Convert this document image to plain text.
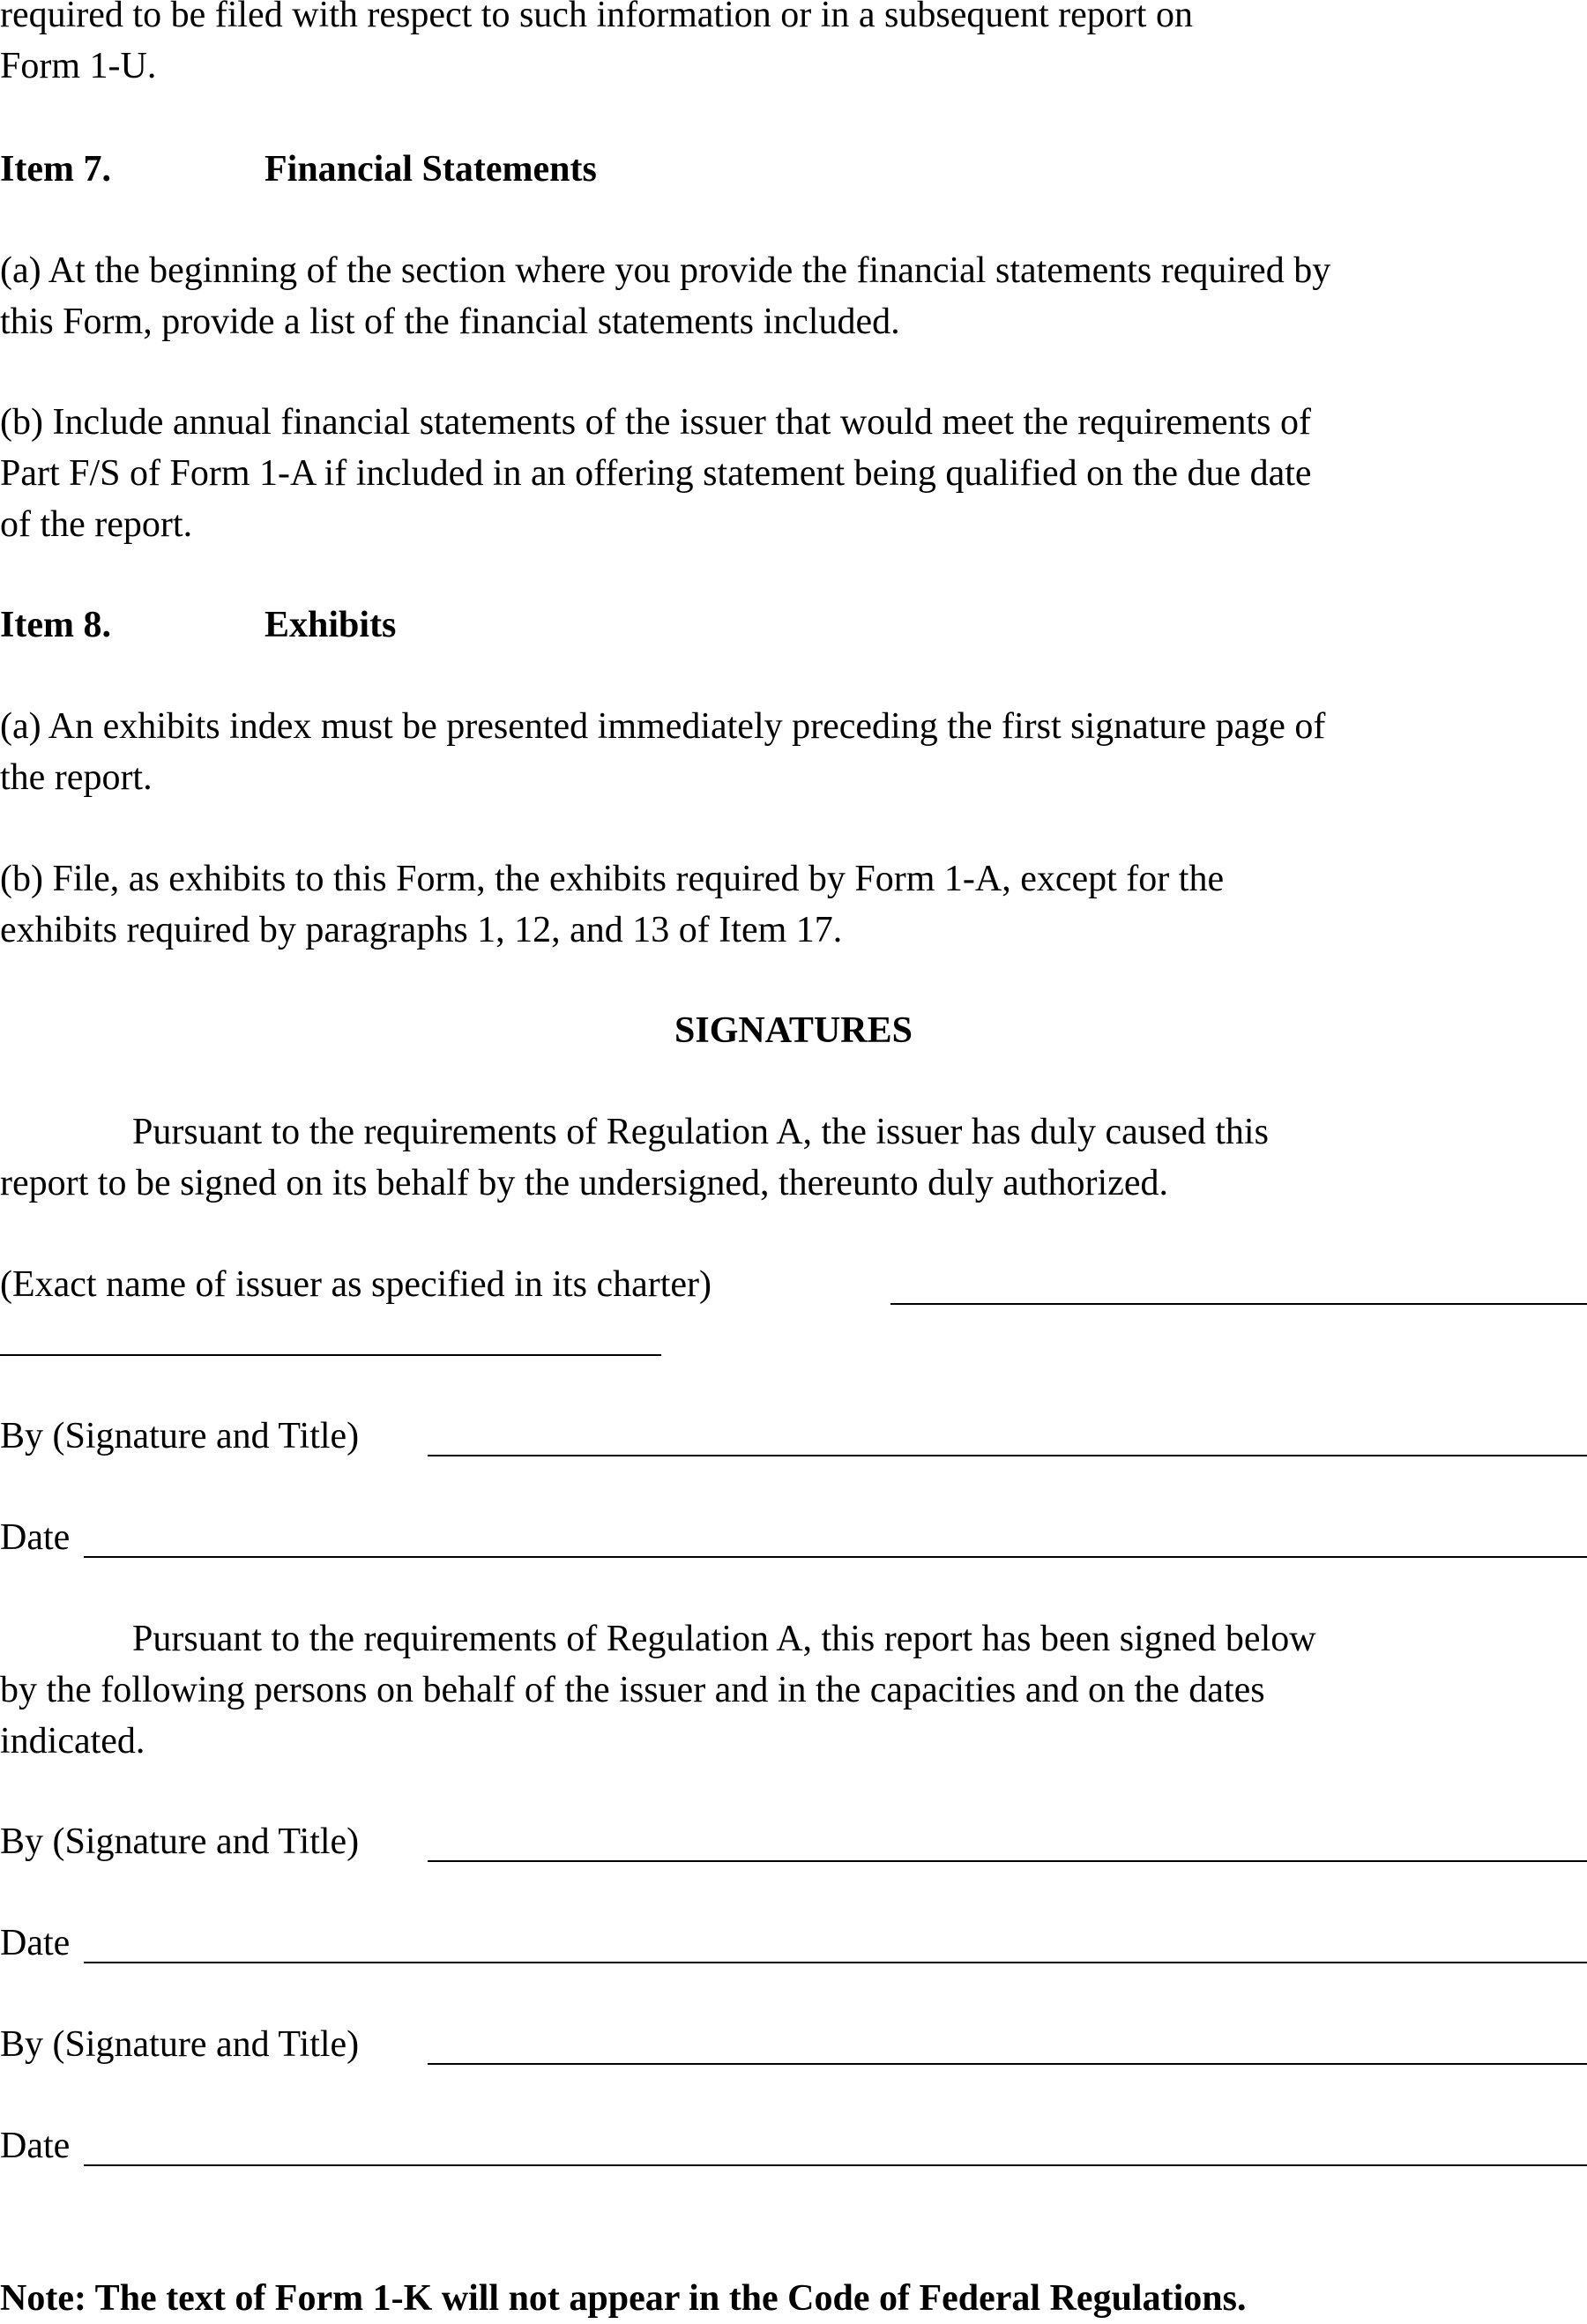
required to be filed with respect to such information or in a subsequent report on
Form 1-U.
Item 7.	Financial Statements
(a) At the beginning of the section where you provide the financial statements required by
this Form, provide a list of the financial statements included.
(b) Include annual financial statements of the issuer that would meet the requirements of
Part F/S of Form 1-A if included in an offering statement being qualified on the due date
of the report.
Item 8.	Exhibits
(a) An exhibits index must be presented immediately preceding the first signature page of
the report.
(b) File, as exhibits to this Form, the exhibits required by Form 1-A, except for the
exhibits required by paragraphs 1, 12, and 13 of Item 17.
SIGNATURES
Pursuant to the requirements of Regulation A, the issuer has duly caused this
report to be signed on its behalf by the undersigned, thereunto duly authorized.
(Exact name of issuer as specified in its charter)
By (Signature and Title)
Date
Pursuant to the requirements of Regulation A, this report has been signed below
by the following persons on behalf of the issuer and in the capacities and on the dates
indicated.
By (Signature and Title)
Date
By (Signature and Title)
Date
Note: The text of Form 1-K will not appear in the Code of Federal Regulations.
